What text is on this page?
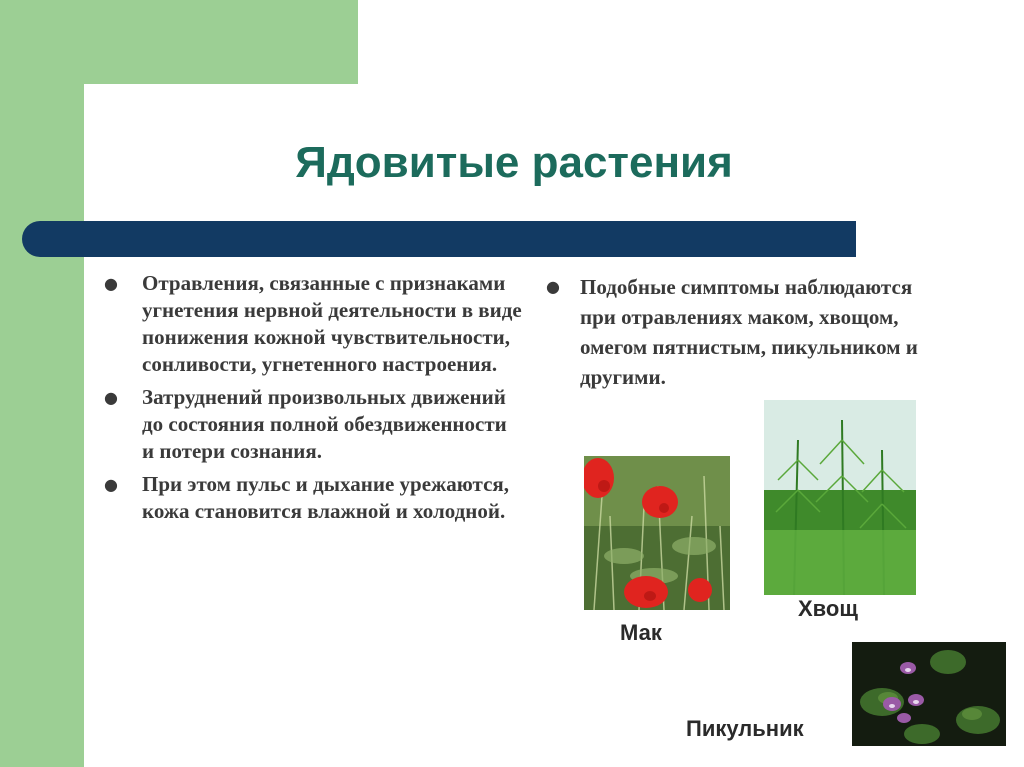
Ядовитые растения
● Отравления, связанные с признаками угнетения нервной деятельности в виде понижения кожной чувствительности, сонливости, угнетенного настроения.
● Затруднений произвольных движений до состояния полной обездвиженности и потери сознания.
● При этом пульс и дыхание урежаются, кожа становится влажной и холодной.
● Подобные симптомы наблюдаются при отравлениях маком, хвощом, омегом пятнистым, пикульником и другими.

Мак

Хвощ

Пикульник
